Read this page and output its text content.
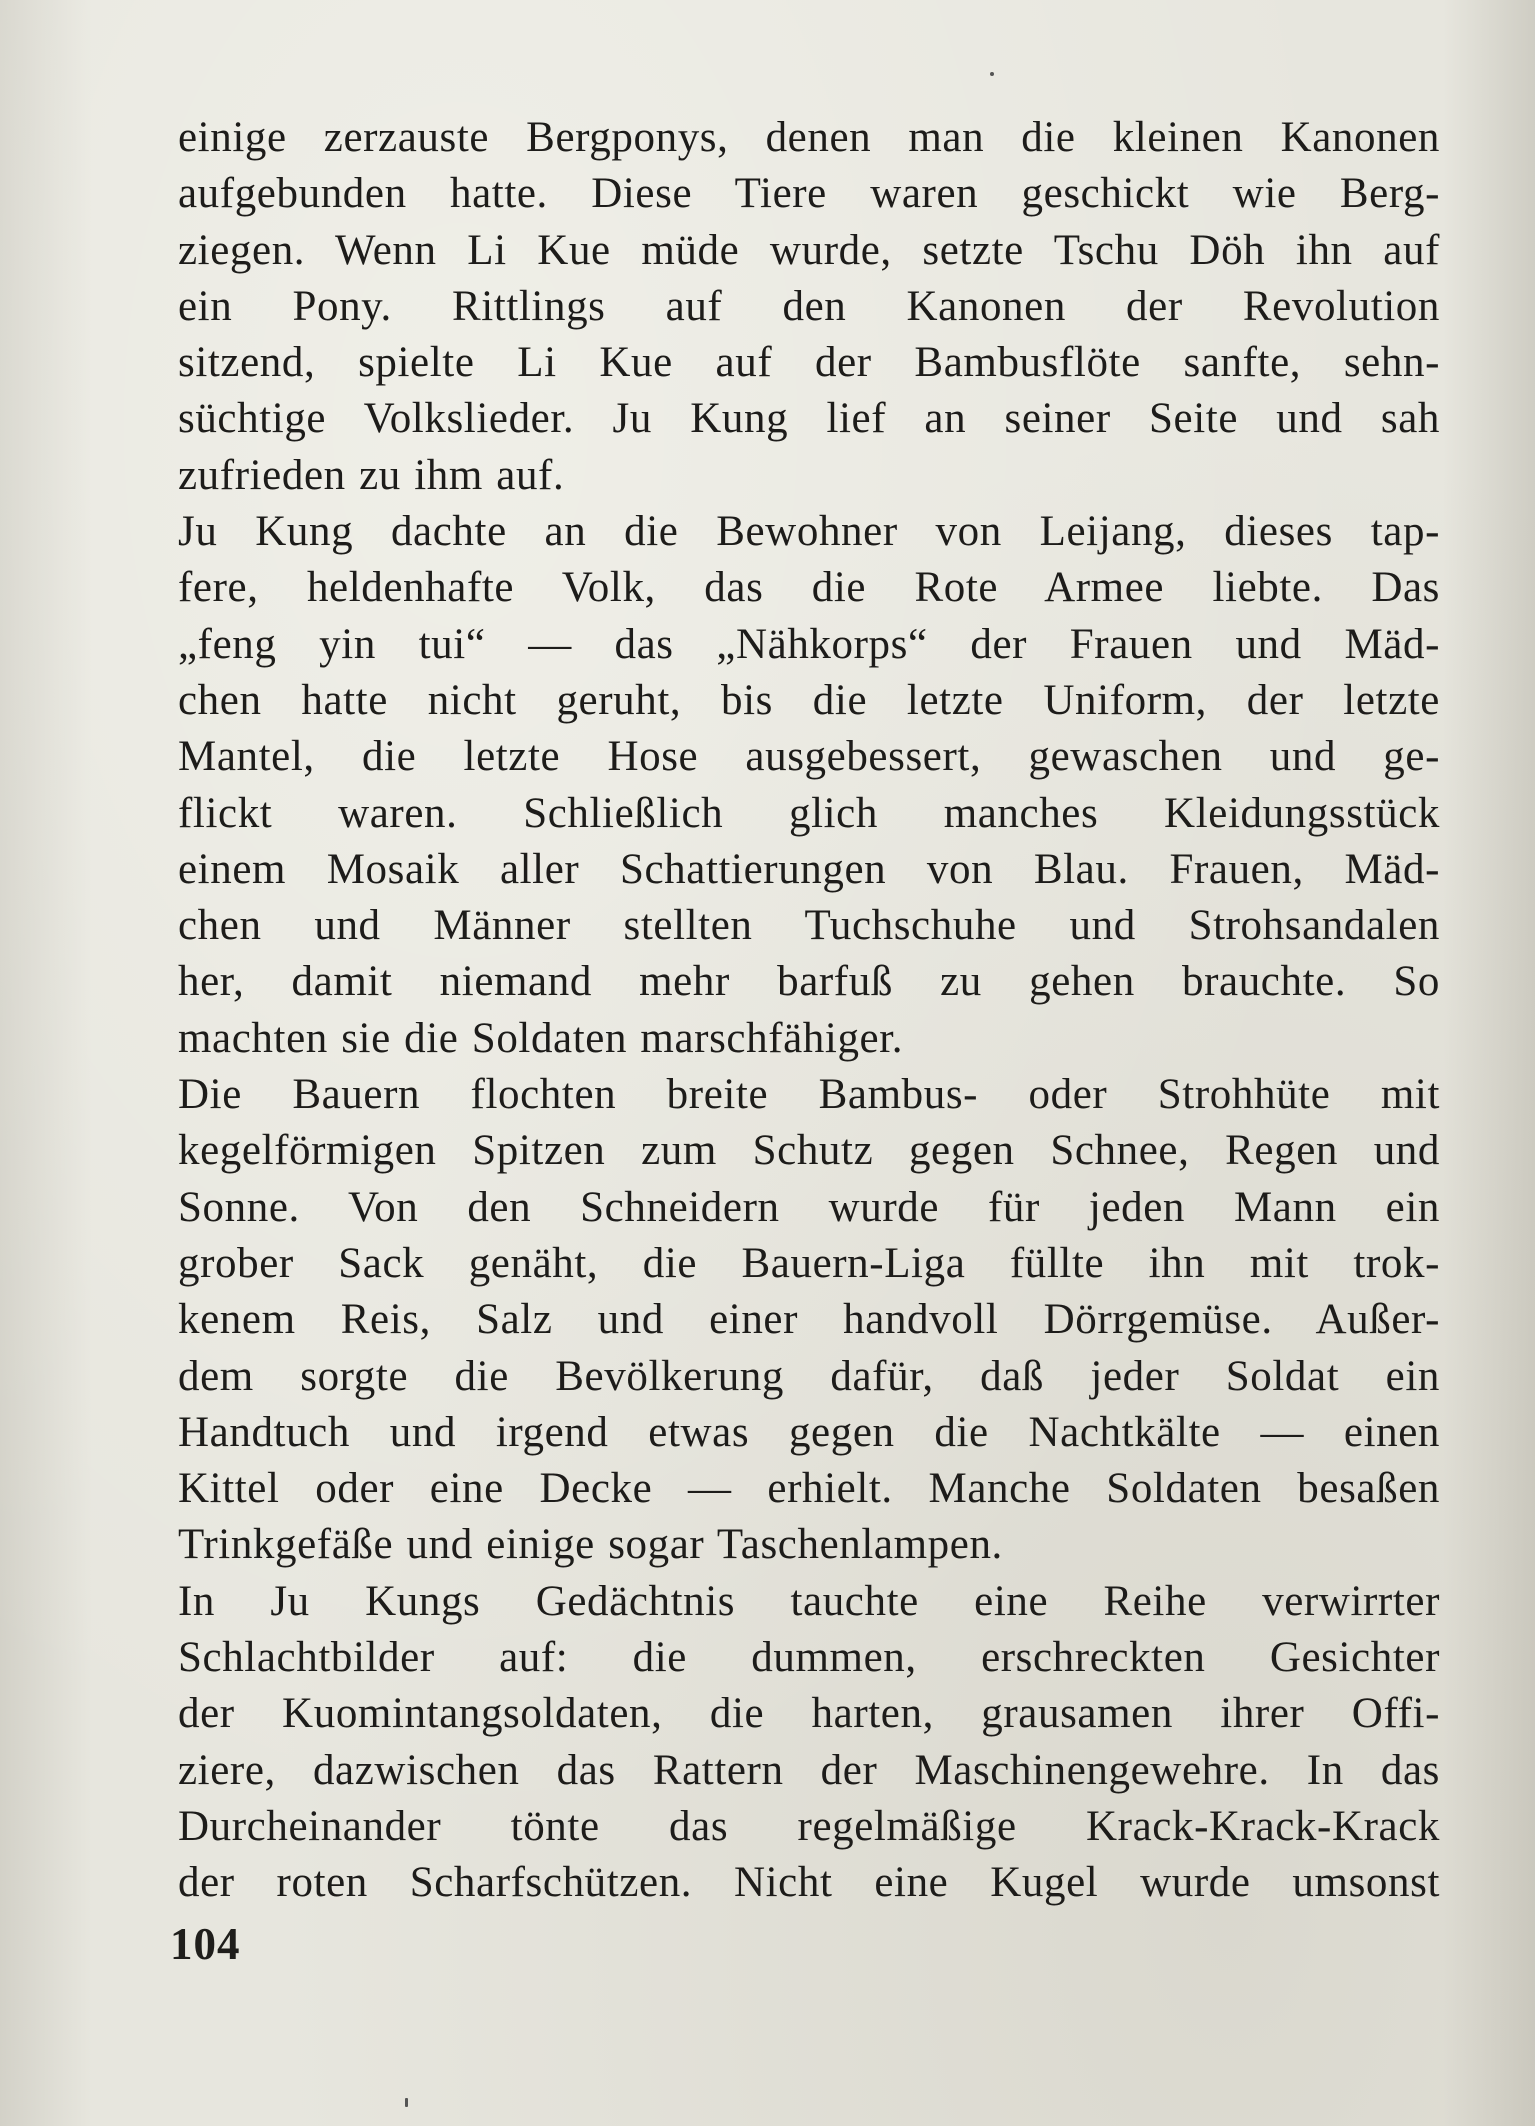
einige zerzauste Bergponys, denen man die kleinen Kanonen
aufgebunden hatte. Diese Tiere waren geschickt wie Berg-
ziegen. Wenn Li Kue müde wurde, setzte Tschu Döh ihn auf
ein Pony. Rittlings auf den Kanonen der Revolution
sitzend, spielte Li Kue auf der Bambusflöte sanfte, sehn-
süchtige Volkslieder. Ju Kung lief an seiner Seite und sah
zufrieden zu ihm auf.
Ju Kung dachte an die Bewohner von Leijang, dieses tap-
fere, heldenhafte Volk, das die Rote Armee liebte. Das
„feng yin tui“ — das „Nähkorps“ der Frauen und Mäd-
chen hatte nicht geruht, bis die letzte Uniform, der letzte
Mantel, die letzte Hose ausgebessert, gewaschen und ge-
flickt waren. Schließlich glich manches Kleidungsstück
einem Mosaik aller Schattierungen von Blau. Frauen, Mäd-
chen und Männer stellten Tuchschuhe und Strohsandalen
her, damit niemand mehr barfuß zu gehen brauchte. So
machten sie die Soldaten marschfähiger.
Die Bauern flochten breite Bambus- oder Strohhüte mit
kegelförmigen Spitzen zum Schutz gegen Schnee, Regen und
Sonne. Von den Schneidern wurde für jeden Mann ein
grober Sack genäht, die Bauern-Liga füllte ihn mit trok-
kenem Reis, Salz und einer handvoll Dörrgemüse. Außer-
dem sorgte die Bevölkerung dafür, daß jeder Soldat ein
Handtuch und irgend etwas gegen die Nachtkälte — einen
Kittel oder eine Decke — erhielt. Manche Soldaten besaßen
Trinkgefäße und einige sogar Taschenlampen.
In Ju Kungs Gedächtnis tauchte eine Reihe verwirrter
Schlachtbilder auf: die dummen, erschreckten Gesichter
der Kuomintangsoldaten, die harten, grausamen ihrer Offi-
ziere, dazwischen das Rattern der Maschinengewehre. In das
Durcheinander tönte das regelmäßige Krack-Krack-Krack
der roten Scharfschützen. Nicht eine Kugel wurde umsonst
104
